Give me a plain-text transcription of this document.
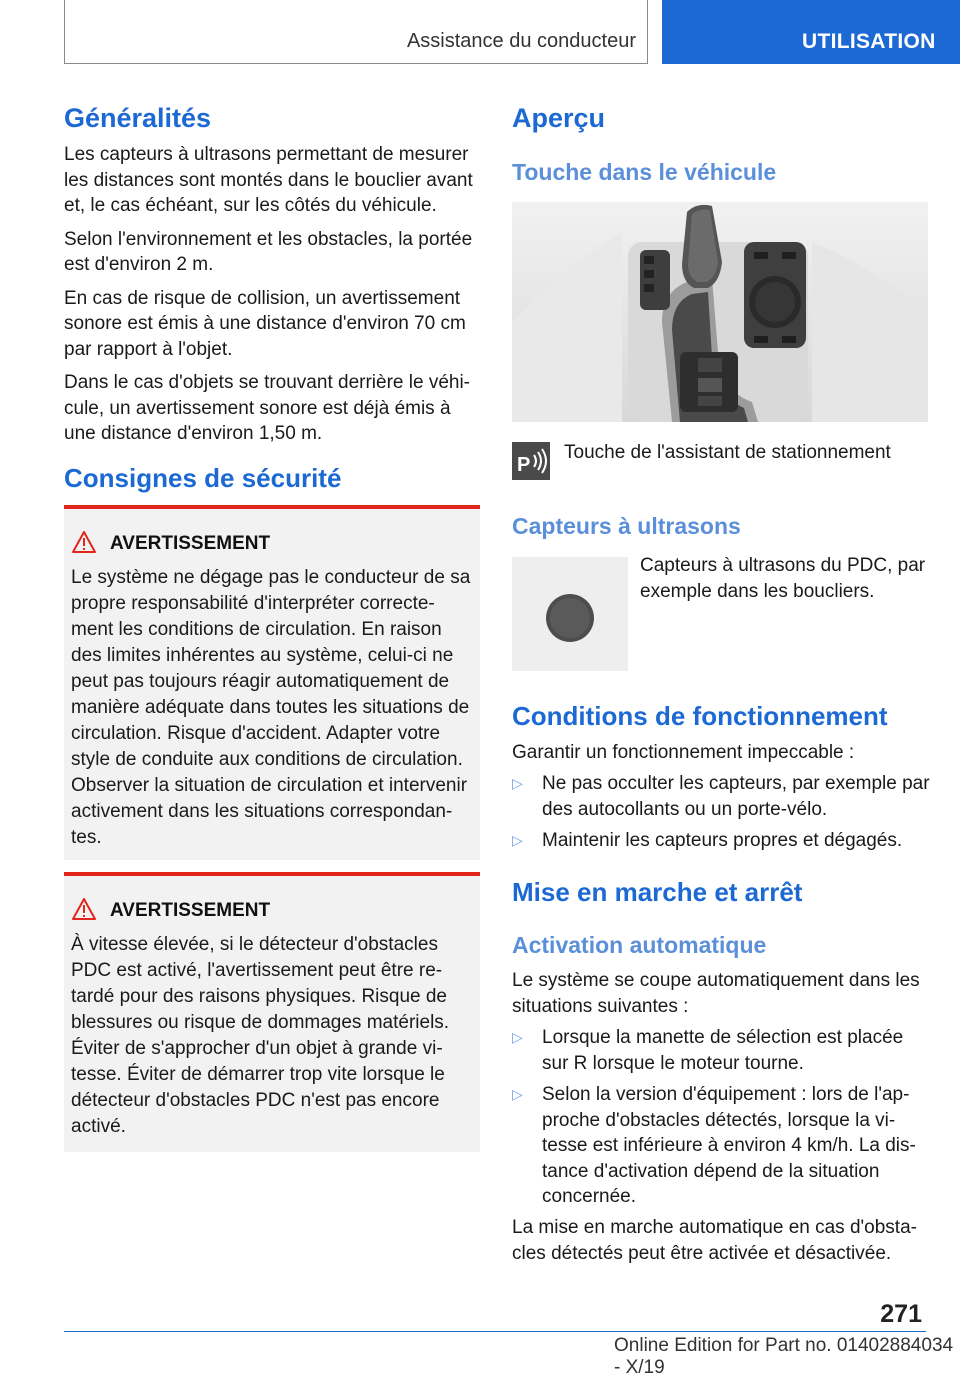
Assistance du conducteur	UTILISATION
Généralités
Les capteurs à ultrasons permettant de mesurer
les distances sont montés dans le bouclier avant
et, le cas échéant, sur les côtés du véhicule.
Selon l'environnement et les obstacles, la portée
est d'environ 2 m.
En cas de risque de collision, un avertissement
sonore est émis à une distance d'environ 70 cm
par rapport à l'objet.
Dans le cas d'objets se trouvant derrière le véhi‐
cule, un avertissement sonore est déjà émis à
une distance d'environ 1,50 m.
Consignes de sécurité
AVERTISSEMENT
Le système ne dégage pas le conducteur de sa
propre responsabilité d'interpréter correcte‐
ment les conditions de circulation. En raison
des limites inhérentes au système, celui-ci ne
peut pas toujours réagir automatiquement de
manière adéquate dans toutes les situations de
circulation. Risque d'accident. Adapter votre
style de conduite aux conditions de circulation.
Observer la situation de circulation et intervenir
activement dans les situations correspondan‐
tes.
AVERTISSEMENT
À vitesse élevée, si le détecteur d'obstacles
PDC est activé, l'avertissement peut être re‐
tardé pour des raisons physiques. Risque de
blessures ou risque de dommages matériels.
Éviter de s'approcher d'un objet à grande vi‐
tesse. Éviter de démarrer trop vite lorsque le
détecteur d'obstacles PDC n'est pas encore
activé.
Aperçu
Touche dans le véhicule
P
Touche de l'assistant de stationnement
Capteurs à ultrasons
Capteurs à ultrasons du PDC, par
exemple dans les boucliers.
Conditions de fonctionnement
Garantir un fonctionnement impeccable :
▷ Ne pas occulter les capteurs, par exemple par
des autocollants ou un porte-vélo.
▷ Maintenir les capteurs propres et dégagés.
Mise en marche et arrêt
Activation automatique
Le système se coupe automatiquement dans les
situations suivantes :
▷ Lorsque la manette de sélection est placée
sur R lorsque le moteur tourne.
▷ Selon la version d'équipement : lors de l'ap‐
proche d'obstacles détectés, lorsque la vi‐
tesse est inférieure à environ 4 km/h. La dis‐
tance d'activation dépend de la situation
concernée.
La mise en marche automatique en cas d'obsta‐
cles détectés peut être activée et désactivée.
271
Online Edition for Part no. 01402884034 - X/19
